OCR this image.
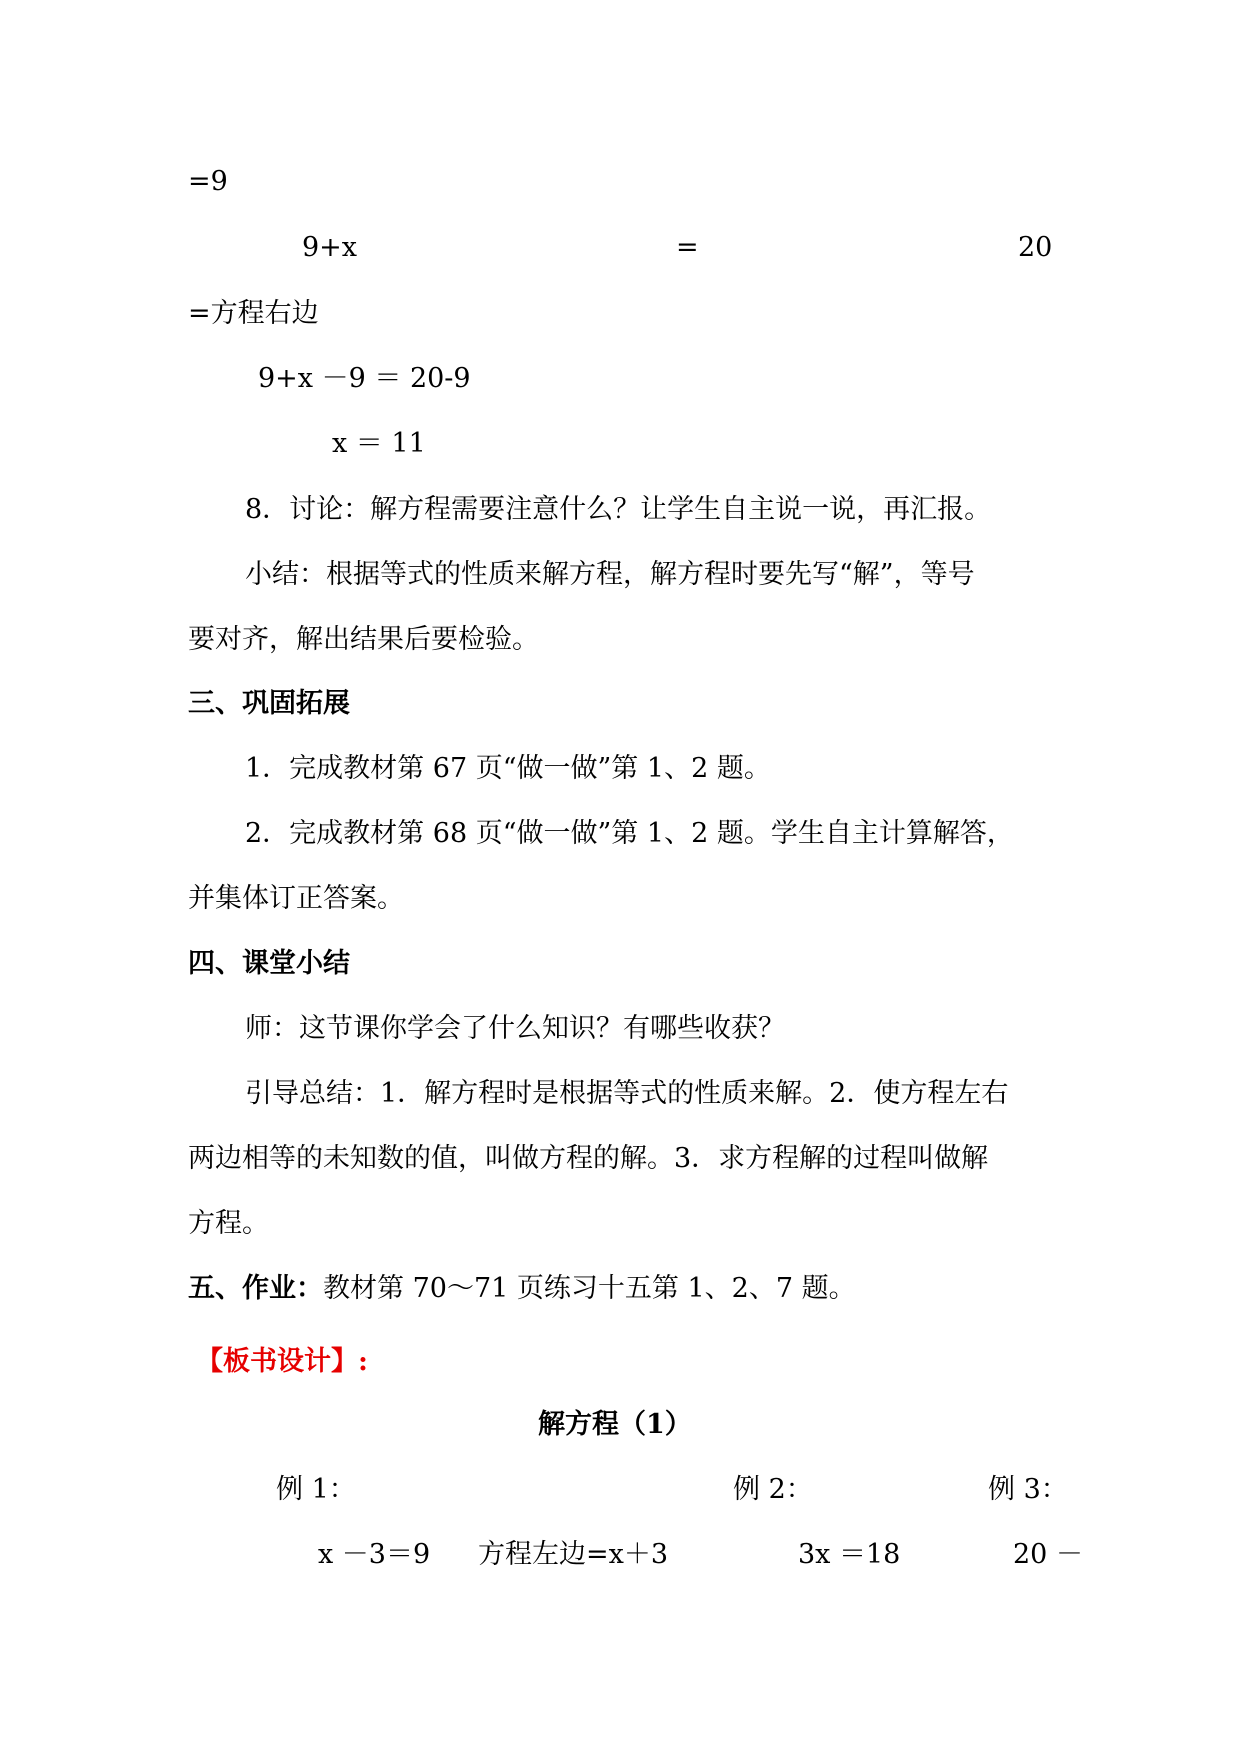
=9
9+x	=	20
=方程右边
9+x －9 ＝ 20-9
x ＝ 11
8．讨论：解方程需要注意什么？让学生自主说一说，再汇报。
小结：根据等式的性质来解方程，解方程时要先写“解”，等号
要对齐，解出结果后要检验。
三、巩固拓展
1．完成教材第 67 页“做一做”第 1、2 题。
2．完成教材第 68 页“做一做”第 1、2 题。学生自主计算解答，
并集体订正答案。
四、课堂小结
师：这节课你学会了什么知识？有哪些收获？
引导总结：1．解方程时是根据等式的性质来解。2．使方程左右
两边相等的未知数的值，叫做方程的解。3．求方程解的过程叫做解
方程。
五、作业：教材第 70～71 页练习十五第 1、2、7 题。
【板书设计】:
解方程（1）
例 1：	例 2：	例 3：
x －3＝9 方程左边=x＋3	3x ＝18	20 －
